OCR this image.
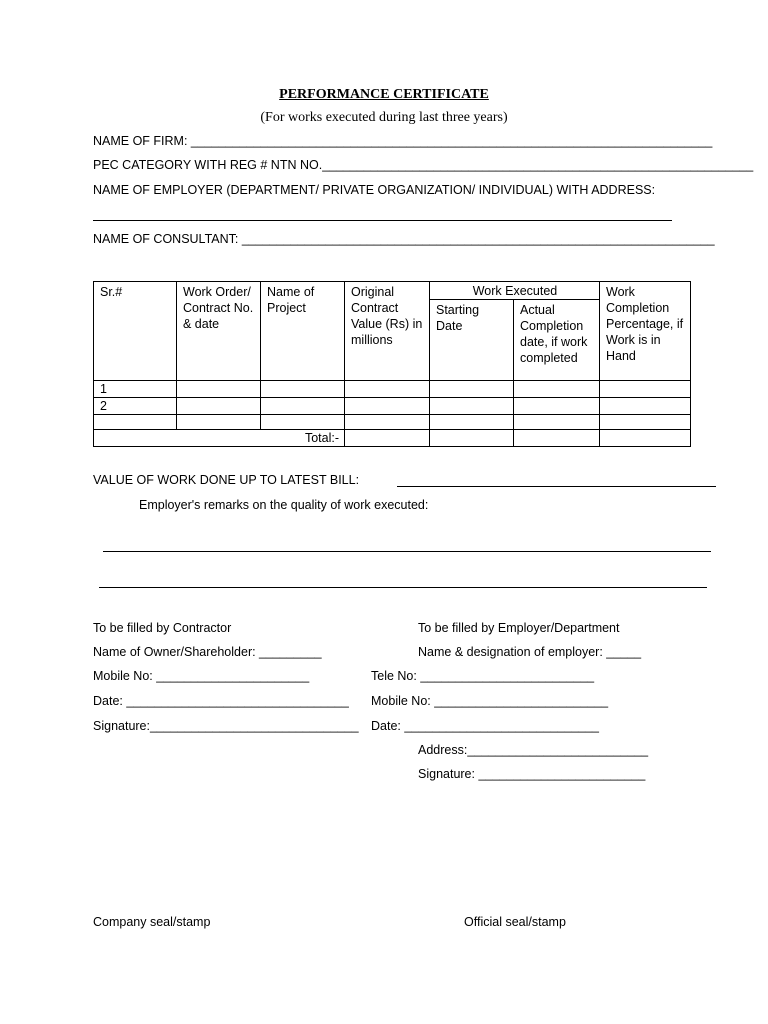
PERFORMANCE CERTIFICATE
(For works executed during last three years)
NAME OF FIRM: ___________________________________________________________________________
PEC CATEGORY WITH REG # NTN NO.______________________________________________________________
NAME OF EMPLOYER (DEPARTMENT/ PRIVATE ORGANIZATION/ INDIVIDUAL) WITH ADDRESS:
NAME OF CONSULTANT: ____________________________________________________________________
Sr.#	Work Order/ Contract No. & date	Name of Project	Original Contract Value (Rs) in millions	Work Executed		Work Completion Percentage, if Work is in Hand
				Starting Date	Actual Completion date, if work completed	
1						
2						

Total:-						
VALUE OF WORK DONE UP TO LATEST BILL:
Employer's remarks on the quality of work executed:
To be filled by Contractor
Name of Owner/Shareholder: _________
Mobile No: ______________________
Date: ________________________________
Signature:______________________________
To be filled by Employer/Department
Name & designation of employer: _____
Tele No: _________________________
Mobile No: _________________________
Date: ____________________________
Address:__________________________
Signature: ________________________
Company seal/stamp	Official seal/stamp
